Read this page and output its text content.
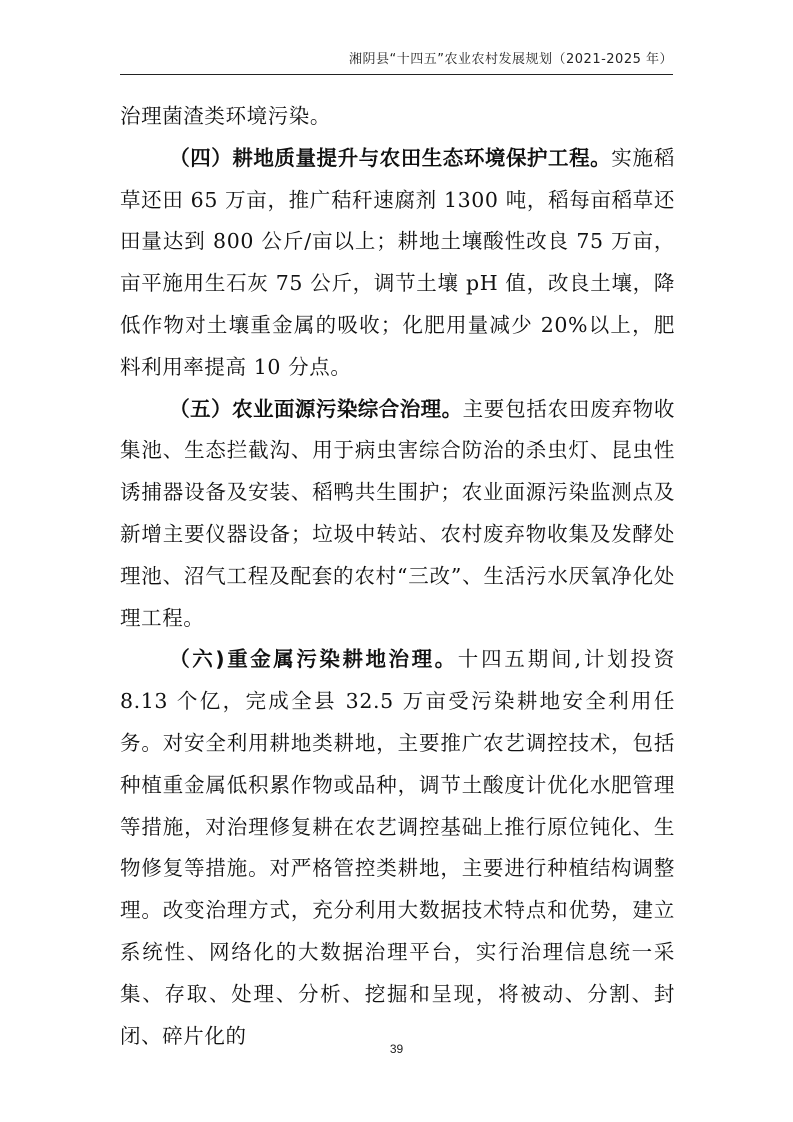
湘阴县“十四五”农业农村发展规划（2021-2025 年）

治理菌渣类环境污染。

（四）耕地质量提升与农田生态环境保护工程。实施稻草还田 65 万亩，推广秸秆速腐剂 1300 吨，稻每亩稻草还田量达到 800 公斤/亩以上；耕地土壤酸性改良 75 万亩，亩平施用生石灰 75 公斤，调节土壤 pH 值，改良土壤，降低作物对土壤重金属的吸收；化肥用量减少 20%以上，肥料利用率提高 10 分点。

（五）农业面源污染综合治理。主要包括农田废弃物收集池、生态拦截沟、用于病虫害综合防治的杀虫灯、昆虫性诱捕器设备及安装、稻鸭共生围护；农业面源污染监测点及新增主要仪器设备；垃圾中转站、农村废弃物收集及发酵处理池、沼气工程及配套的农村“三改”、生活污水厌氧净化处理工程。

（六)重金属污染耕地治理。十四五期间,计划投资 8.13 个亿，完成全县 32.5 万亩受污染耕地安全利用任务。对安全利用耕地类耕地，主要推广农艺调控技术，包括种植重金属低积累作物或品种，调节土酸度计优化水肥管理等措施，对治理修复耕在农艺调控基础上推行原位钝化、生物修复等措施。对严格管控类耕地，主要进行种植结构调整理。改变治理方式，充分利用大数据技术特点和优势，建立系统性、网络化的大数据治理平台，实行治理信息统一采集、存取、处理、分析、挖掘和呈现，将被动、分割、封闭、碎片化的

39
